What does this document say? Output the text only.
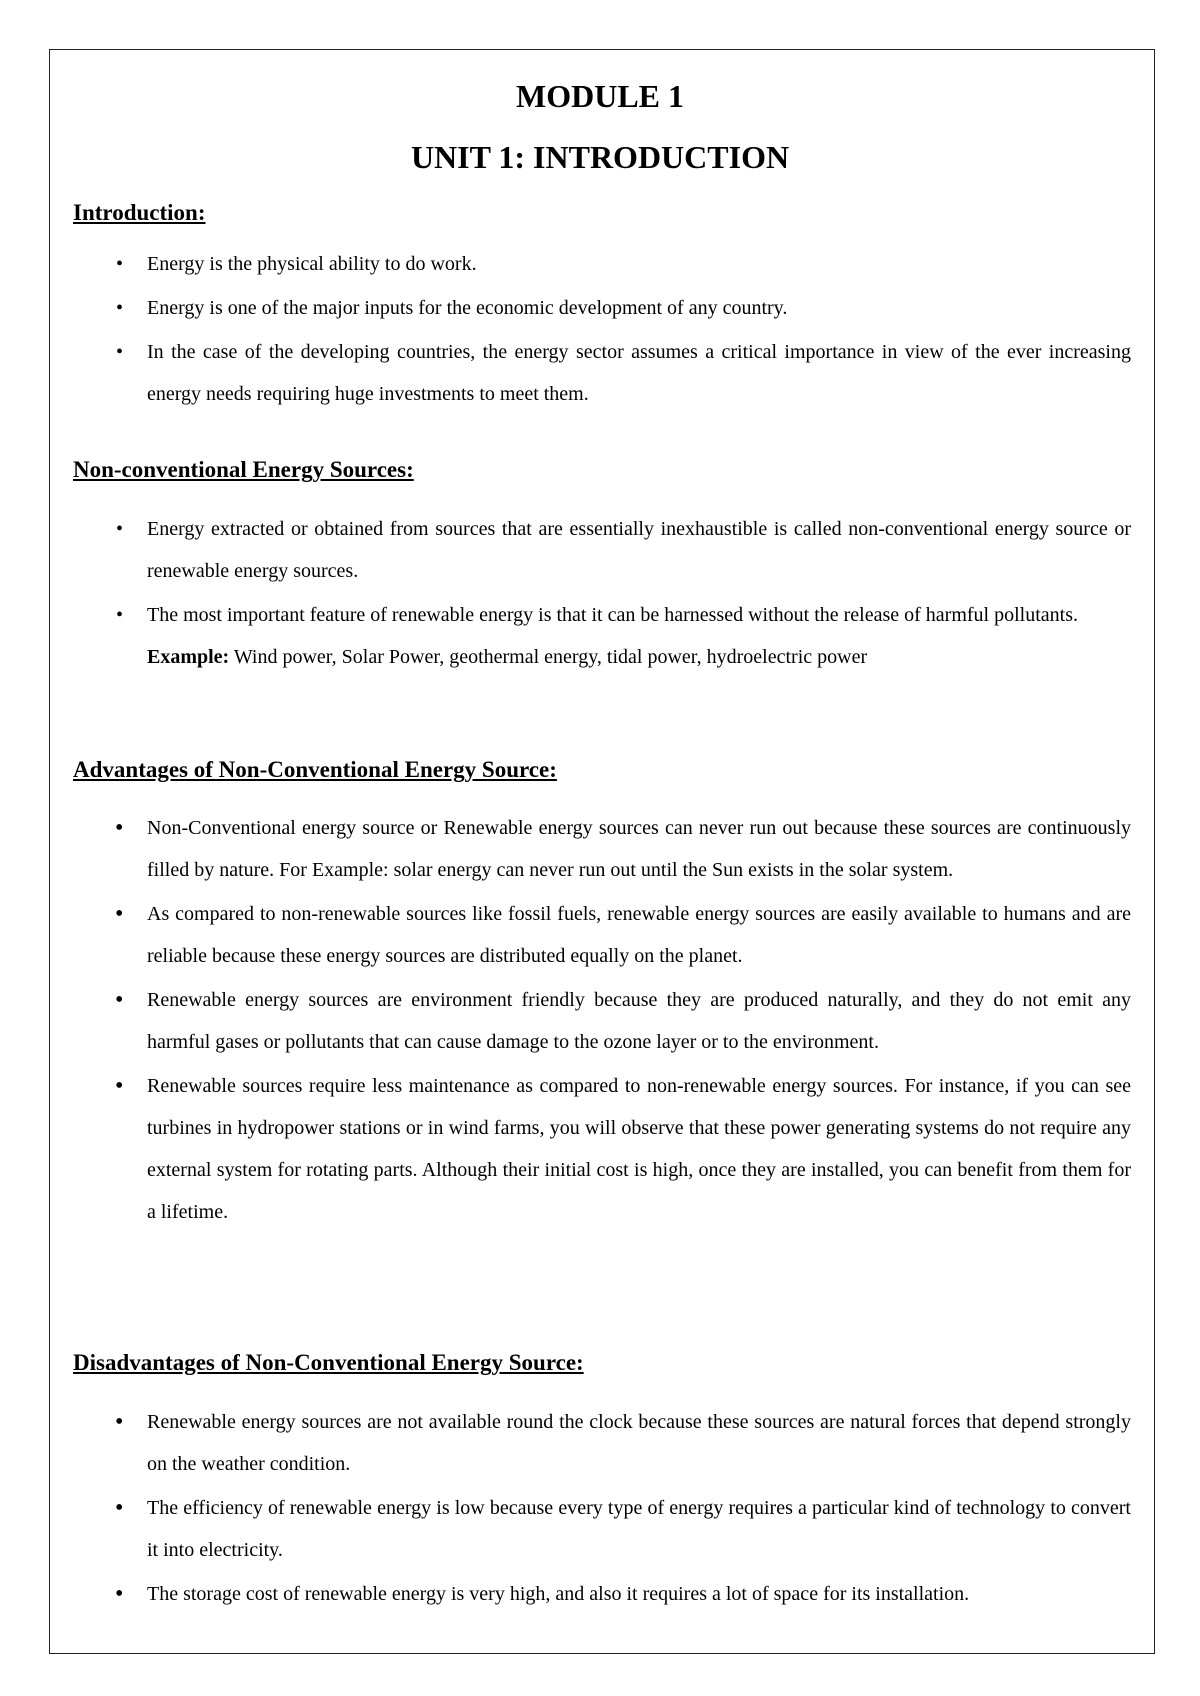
MODULE 1
UNIT 1: INTRODUCTION
Introduction:
• Energy is the physical ability to do work.
• Energy is one of the major inputs for the economic development of any country.
• In the case of the developing countries, the energy sector assumes a critical importance in view of the ever increasing energy needs requiring huge investments to meet them.
Non-conventional Energy Sources:
• Energy extracted or obtained from sources that are essentially inexhaustible is called non-conventional energy source or renewable energy sources.
• The most important feature of renewable energy is that it can be harnessed without the release of harmful pollutants.
Example: Wind power, Solar Power, geothermal energy, tidal power, hydroelectric power
Advantages of Non-Conventional Energy Source:
• Non-Conventional energy source or Renewable energy sources can never run out because these sources are continuously filled by nature. For Example: solar energy can never run out until the Sun exists in the solar system.
• As compared to non-renewable sources like fossil fuels, renewable energy sources are easily available to humans and are reliable because these energy sources are distributed equally on the planet.
• Renewable energy sources are environment friendly because they are produced naturally, and they do not emit any harmful gases or pollutants that can cause damage to the ozone layer or to the environment.
• Renewable sources require less maintenance as compared to non-renewable energy sources. For instance, if you can see turbines in hydropower stations or in wind farms, you will observe that these power generating systems do not require any external system for rotating parts. Although their initial cost is high, once they are installed, you can benefit from them for a lifetime.
Disadvantages of Non-Conventional Energy Source:
• Renewable energy sources are not available round the clock because these sources are natural forces that depend strongly on the weather condition.
• The efficiency of renewable energy is low because every type of energy requires a particular kind of technology to convert it into electricity.
• The storage cost of renewable energy is very high, and also it requires a lot of space for its installation.
